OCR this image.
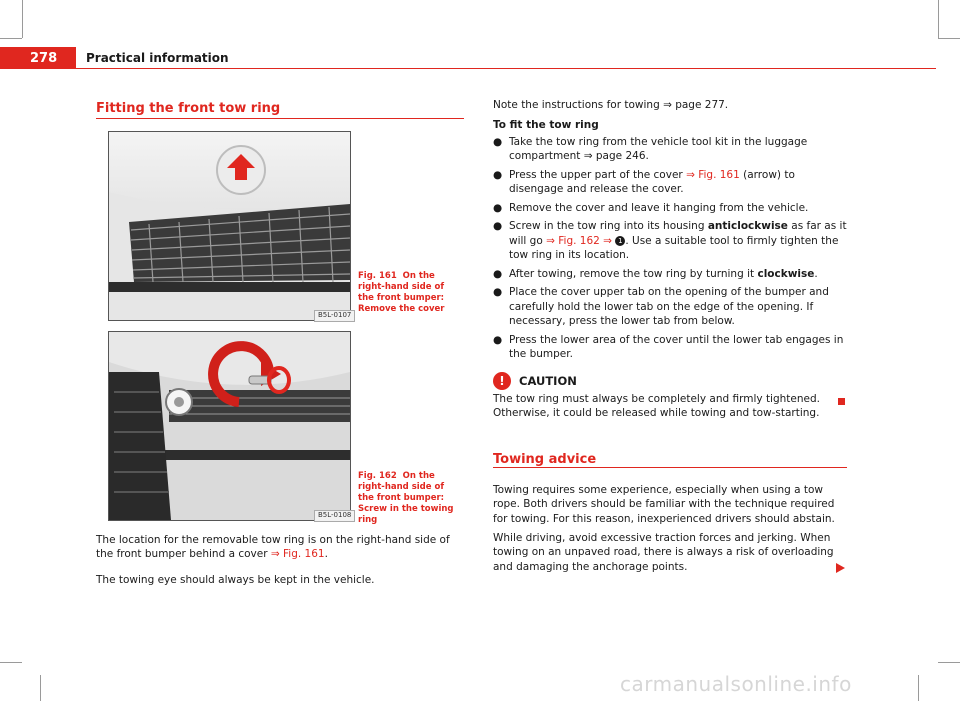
278 Practical information
Fitting the front tow ring
B5L-0107
Fig. 161 On the right-hand side of the front bumper: Remove the cover
B5L-0108
Fig. 162 On the right-hand side of the front bumper: Screw in the towing ring

The location for the removable tow ring is on the right-hand side of the front bumper behind a cover ⇒ Fig. 161.

The towing eye should always be kept in the vehicle.

Note the instructions for towing ⇒ page 277.

To fit the tow ring

● Take the tow ring from the vehicle tool kit in the luggage compartment ⇒ page 246.
● Press the upper part of the cover ⇒ Fig. 161 (arrow) to disengage and release the cover.
● Remove the cover and leave it hanging from the vehicle.
● Screw in the tow ring into its housing anticlockwise as far as it will go ⇒ Fig. 162 ⇒ 1 . Use a suitable tool to firmly tighten the tow ring in its location.
● After towing, remove the tow ring by turning it clockwise.
● Place the cover upper tab on the opening of the bumper and carefully hold the lower tab on the edge of the opening. If necessary, press the lower tab from below.
● Press the lower area of the cover until the lower tab engages in the bumper.
!	CAUTION

The tow ring must always be completely and firmly tightened. Otherwise, it could be released while towing and tow-starting.

Towing advice

Towing requires some experience, especially when using a tow rope. Both drivers should be familiar with the technique required for towing. For this reason, inexperienced drivers should abstain.

While driving, avoid excessive traction forces and jerking. When towing on an unpaved road, there is always a risk of overloading and damaging the anchorage points.

carmanualsonline.info
